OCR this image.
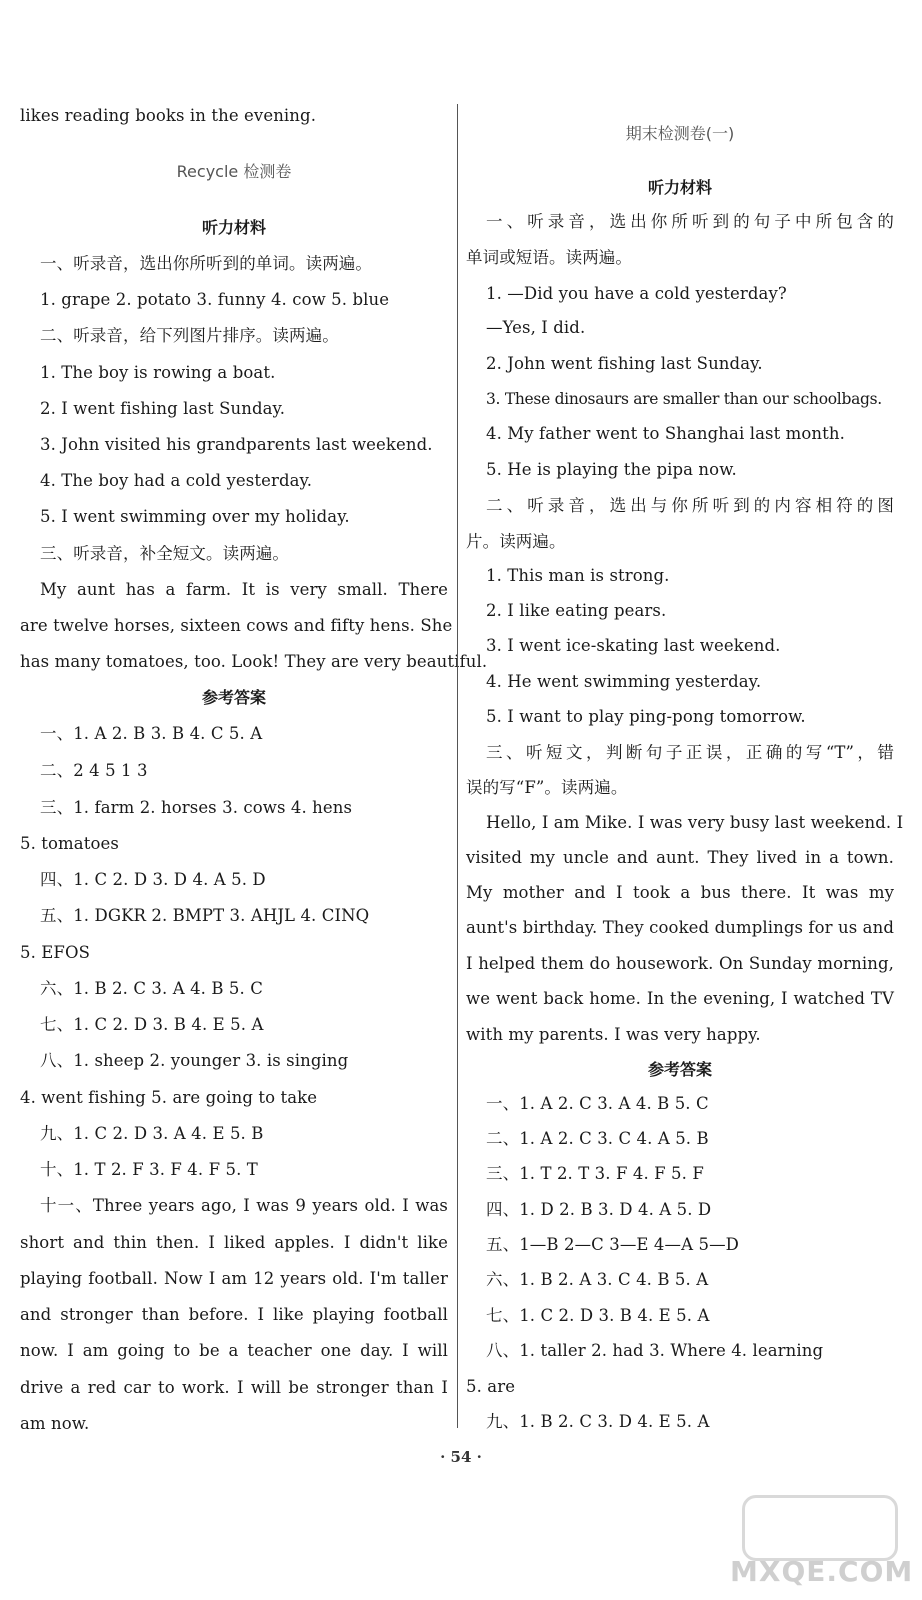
likes reading books in the evening.
Recycle 检测卷
听力材料
一、听录音，选出你所听到的单词。读两遍。
1. grape 2. potato 3. funny 4. cow 5. blue
二、听录音，给下列图片排序。读两遍。
1. The boy is rowing a boat.
2. I went fishing last Sunday.
3. John visited his grandparents last weekend.
4. The boy had a cold yesterday.
5. I went swimming over my holiday.
三、听录音，补全短文。读两遍。
My aunt has a farm. It is very small. There
are twelve horses, sixteen cows and fifty hens. She
has many tomatoes, too. Look! They are very beautiful.
参考答案
一、1. A 2. B 3. B 4. C 5. A
二、2 4 5 1 3
三、1. farm 2. horses 3. cows 4. hens
5. tomatoes
四、1. C 2. D 3. D 4. A 5. D
五、1. DGKR 2. BMPT 3. AHJL 4. CINQ
5. EFOS
六、1. B 2. C 3. A 4. B 5. C
七、1. C 2. D 3. B 4. E 5. A
八、1. sheep 2. younger 3. is singing
4. went fishing 5. are going to take
九、1. C 2. D 3. A 4. E 5. B
十、1. T 2. F 3. F 4. F 5. T
十一、Three years ago, I was 9 years old. I was
short and thin then. I liked apples. I didn't like
playing football. Now I am 12 years old. I'm taller
and stronger than before. I like playing football
now. I am going to be a teacher one day. I will
drive a red car to work. I will be stronger than I
am now.
期末检测卷(一)
听力材料
一、听录音，选出你所听到的句子中所包含的
单词或短语。读两遍。
1. —Did you have a cold yesterday?
—Yes, I did.
2. John went fishing last Sunday.
3. These dinosaurs are smaller than our schoolbags.
4. My father went to Shanghai last month.
5. He is playing the pipa now.
二、听录音，选出与你所听到的内容相符的图
片。读两遍。
1. This man is strong.
2. I like eating pears.
3. I went ice-skating last weekend.
4. He went swimming yesterday.
5. I want to play ping-pong tomorrow.
三、听短文，判断句子正误，正确的写“T”，错
误的写“F”。读两遍。
Hello, I am Mike. I was very busy last weekend. I
visited my uncle and aunt. They lived in a town.
My mother and I took a bus there. It was my
aunt's birthday. They cooked dumplings for us and
I helped them do housework. On Sunday morning,
we went back home. In the evening, I watched TV
with my parents. I was very happy.
参考答案
一、1. A 2. C 3. A 4. B 5. C
二、1. A 2. C 3. C 4. A 5. B
三、1. T 2. T 3. F 4. F 5. F
四、1. D 2. B 3. D 4. A 5. D
五、1—B 2—C 3—E 4—A 5—D
六、1. B 2. A 3. C 4. B 5. A
七、1. C 2. D 3. B 4. E 5. A
八、1. taller 2. had 3. Where 4. learning
5. are
九、1. B 2. C 3. D 4. E 5. A
· 54 ·
MXQE.COM
